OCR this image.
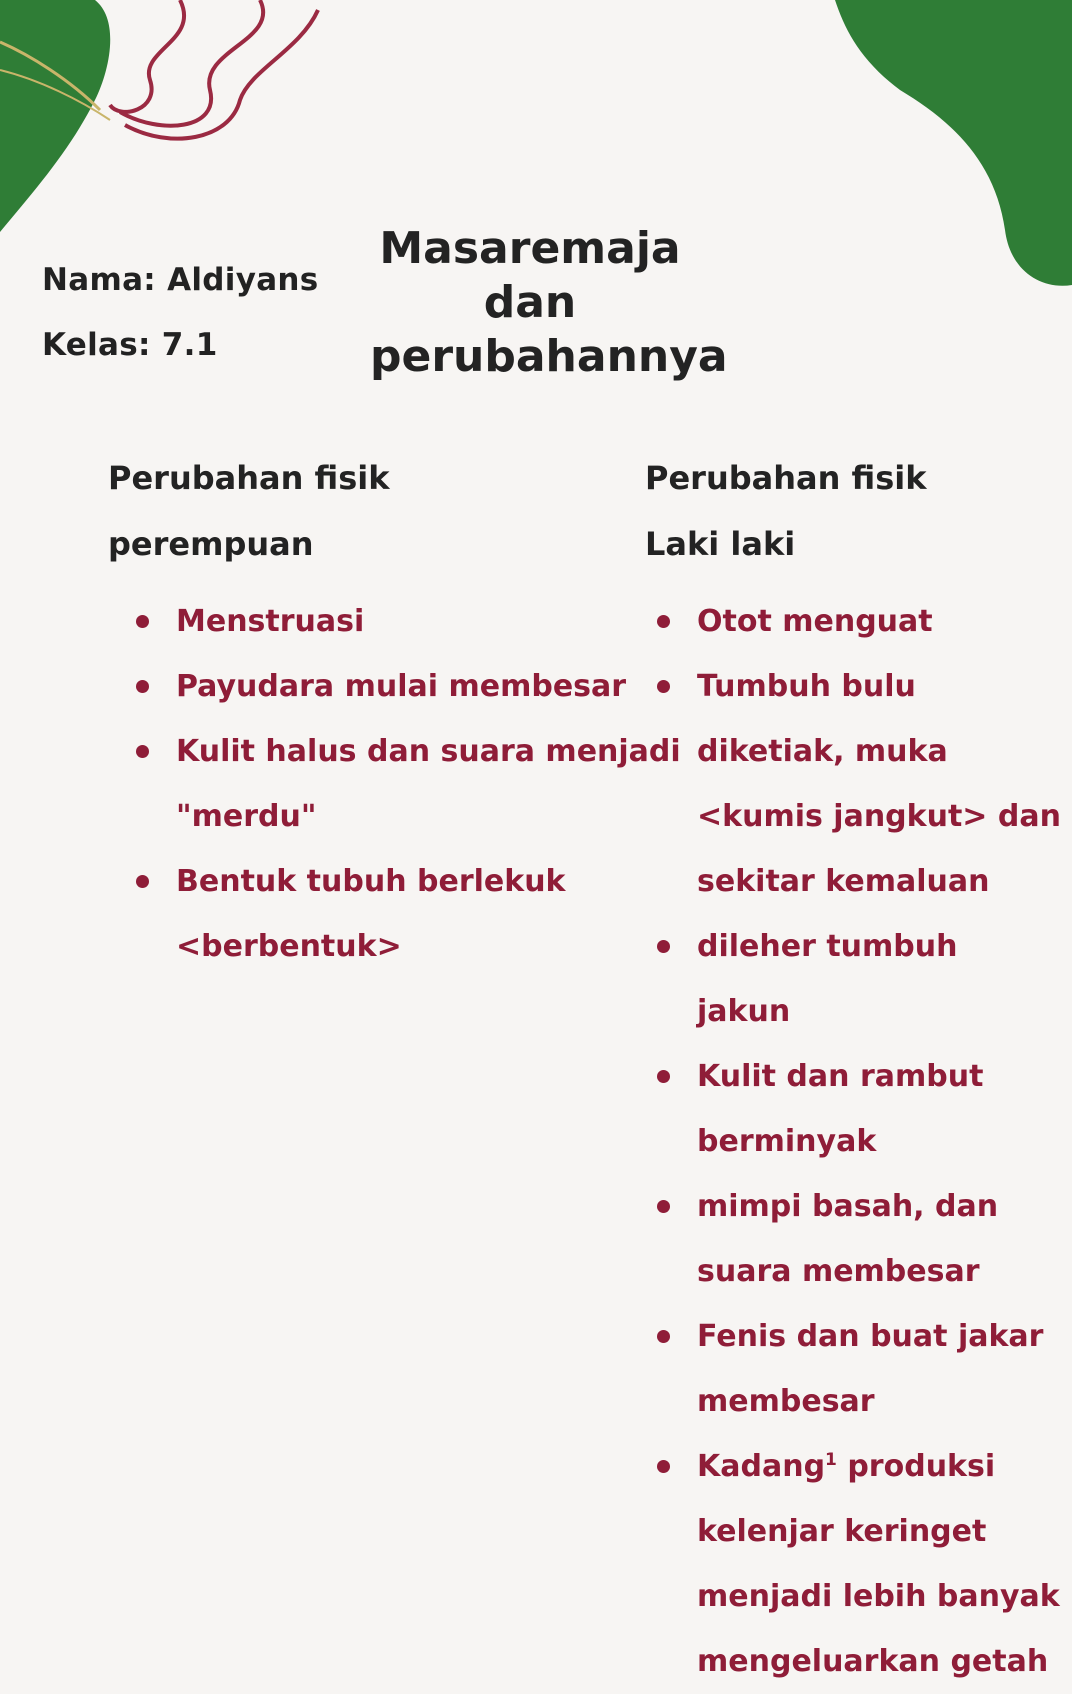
Nama: Aldiyans
Kelas: 7.1
Masaremaja
dan
perubahannya
Perubahan fisik
perempuan
Menstruasi
Payudara mulai membesar
Kulit halus dan suara menjadi
"merdu"
Bentuk tubuh berlekuk
<berbentuk>
Perubahan fisik
Laki laki
Otot menguat
Tumbuh bulu
diketiak, muka
<kumis jangkut> dan
sekitar kemaluan
dileher tumbuh
jakun
Kulit dan rambut
berminyak
mimpi basah, dan
suara membesar
Fenis dan buat jakar
membesar
Kadang$^1$ produksi
kelenjar keringet
menjadi lebih banyak
mengeluarkan getah
